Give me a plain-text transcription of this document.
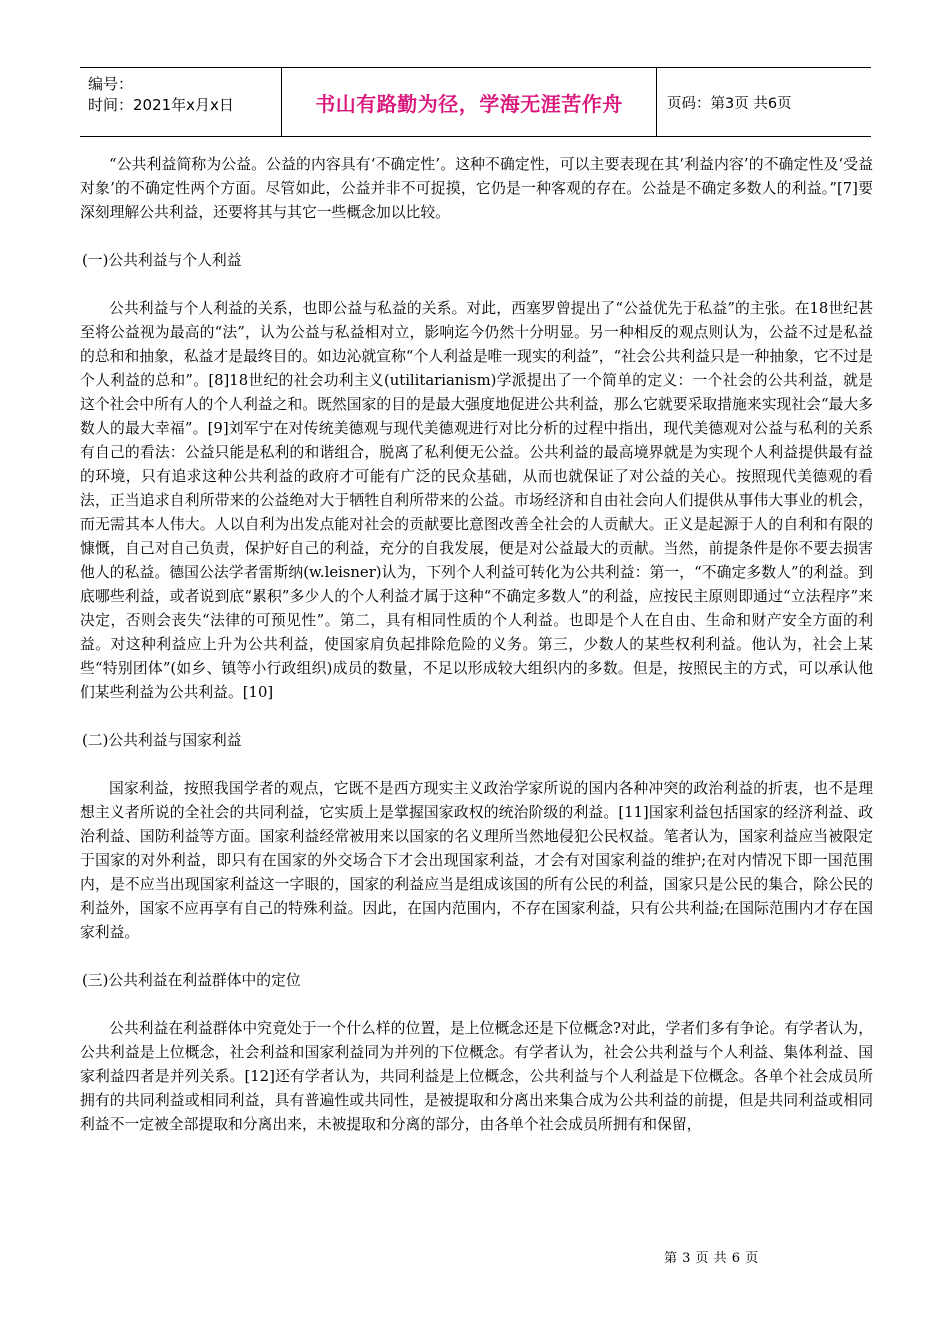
编号：
时间：2021年x月x日	书山有路勤为径，学海无涯苦作舟	页码：第3页 共6页

“公共利益简称为公益。公益的内容具有‘不确定性’。这种不确定性，可以主要表现在其‘利益内容’的不确定性及‘受益对象’的不确定性两个方面。尽管如此，公益并非不可捉摸，它仍是一种客观的存在。公益是不确定多数人的利益。”[7]要深刻理解公共利益，还要将其与其它一些概念加以比较。

(一)公共利益与个人利益

公共利益与个人利益的关系，也即公益与私益的关系。对此，西塞罗曾提出了“公益优先于私益”的主张。在18世纪甚至将公益视为最高的“法”，认为公益与私益相对立，影响迄今仍然十分明显。另一种相反的观点则认为，公益不过是私益的总和和抽象，私益才是最终目的。如边沁就宣称“个人利益是唯一现实的利益”，“社会公共利益只是一种抽象，它不过是个人利益的总和”。[8]18世纪的社会功利主义(utilitarianism)学派提出了一个简单的定义：一个社会的公共利益，就是这个社会中所有人的个人利益之和。既然国家的目的是最大强度地促进公共利益，那么它就要采取措施来实现社会“最大多数人的最大幸福”。[9]刘军宁在对传统美德观与现代美德观进行对比分析的过程中指出，现代美德观对公益与私利的关系有自己的看法：公益只能是私利的和谐组合，脱离了私利便无公益。公共利益的最高境界就是为实现个人利益提供最有益的环境，只有追求这种公共利益的政府才可能有广泛的民众基础，从而也就保证了对公益的关心。按照现代美德观的看法，正当追求自利所带来的公益绝对大于牺牲自利所带来的公益。市场经济和自由社会向人们提供从事伟大事业的机会，而无需其本人伟大。人以自利为出发点能对社会的贡献要比意图改善全社会的人贡献大。正义是起源于人的自利和有限的慷慨，自己对自己负责，保护好自己的利益，充分的自我发展，便是对公益最大的贡献。当然，前提条件是你不要去损害他人的私益。德国公法学者雷斯纳(w.leisner)认为，下列个人利益可转化为公共利益：第一，“不确定多数人”的利益。到底哪些利益，或者说到底“累积”多少人的个人利益才属于这种“不确定多数人”的利益，应按民主原则即通过“立法程序”来决定，否则会丧失“法律的可预见性”。第二，具有相同性质的个人利益。也即是个人在自由、生命和财产安全方面的利益。对这种利益应上升为公共利益，使国家肩负起排除危险的义务。第三，少数人的某些权利利益。他认为，社会上某些“特别团体”(如乡、镇等小行政组织)成员的数量，不足以形成较大组织内的多数。但是，按照民主的方式，可以承认他们某些利益为公共利益。[10]

(二)公共利益与国家利益

国家利益，按照我国学者的观点，它既不是西方现实主义政治学家所说的国内各种冲突的政治利益的折衷，也不是理想主义者所说的全社会的共同利益，它实质上是掌握国家政权的统治阶级的利益。[11]国家利益包括国家的经济利益、政治利益、国防利益等方面。国家利益经常被用来以国家的名义理所当然地侵犯公民权益。笔者认为，国家利益应当被限定于国家的对外利益，即只有在国家的外交场合下才会出现国家利益，才会有对国家利益的维护;在对内情况下即一国范围内，是不应当出现国家利益这一字眼的，国家的利益应当是组成该国的所有公民的利益，国家只是公民的集合，除公民的利益外，国家不应再享有自己的特殊利益。因此，在国内范围内，不存在国家利益，只有公共利益;在国际范围内才存在国家利益。

(三)公共利益在利益群体中的定位

公共利益在利益群体中究竟处于一个什么样的位置，是上位概念还是下位概念?对此，学者们多有争论。有学者认为，公共利益是上位概念，社会利益和国家利益同为并列的下位概念。有学者认为，社会公共利益与个人利益、集体利益、国家利益四者是并列关系。[12]还有学者认为，共同利益是上位概念，公共利益与个人利益是下位概念。各单个社会成员所拥有的共同利益或相同利益，具有普遍性或共同性，是被提取和分离出来集合成为公共利益的前提，但是共同利益或相同利益不一定被全部提取和分离出来，未被提取和分离的部分，由各单个社会成员所拥有和保留，

第 3 页 共 6 页
